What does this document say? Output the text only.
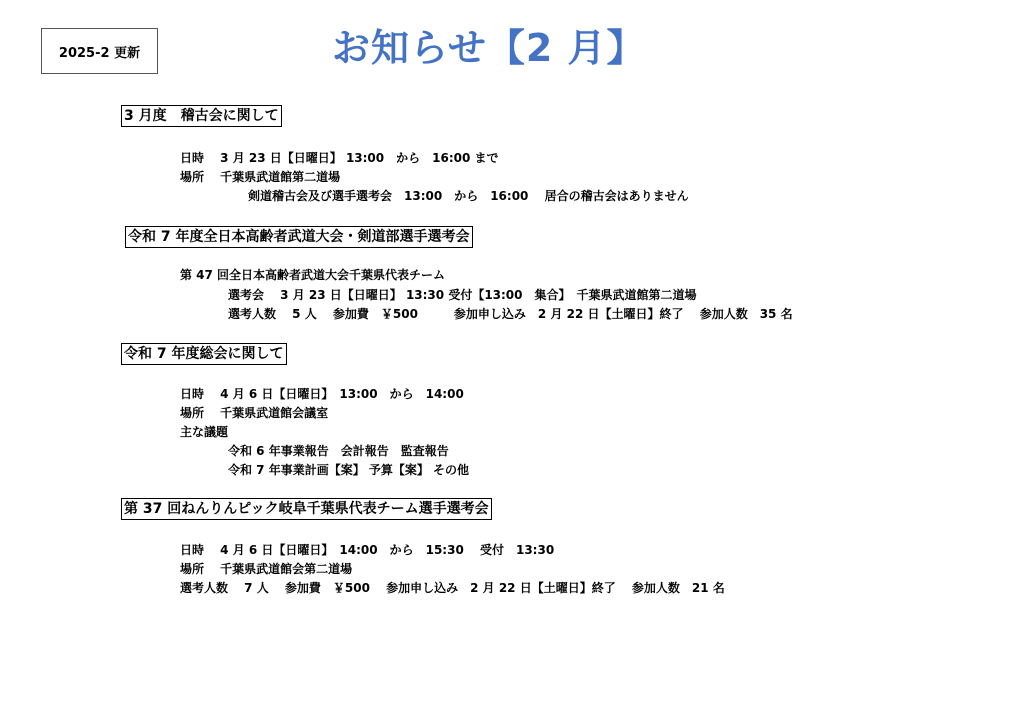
2025-2 更新	お知らせ【2 月】
3 月度　稽古会に関して
日時　 3 月 23 日【日曜日】 13:00　から　16:00 まで
場所　 千葉県武道館第二道場
剣道稽古会及び選手選考会　13:00　から　16:00　 居合の稽古会はありません
令和 7 年度全日本高齢者武道大会・剣道部選手選考会
第 47 回全日本高齢者武道大会千葉県代表チーム
選考会　 3 月 23 日【日曜日】 13:30 受付【13:00　集合】　千葉県武道館第二道場
選考人数　 5 人　 参加費　￥500　　　参加申し込み　2 月 22 日【土曜日】終了　 参加人数　35 名
令和 7 年度総会に関して
日時　 4 月 6 日【日曜日】　13:00　から　14:00
場所　 千葉県武道館会議室
主な議題
令和 6 年事業報告　会計報告　監査報告
令和 7 年事業計画【案】 予算【案】 その他
第 37 回ねんりんピック岐阜千葉県代表チーム選手選考会
日時　 4 月 6 日【日曜日】　14:00　から　15:30　 受付　13:30
場所　 千葉県武道館会第二道場
選考人数　 7 人　 参加費　￥500　 参加申し込み　2 月 22 日【土曜日】終了　 参加人数　21 名
